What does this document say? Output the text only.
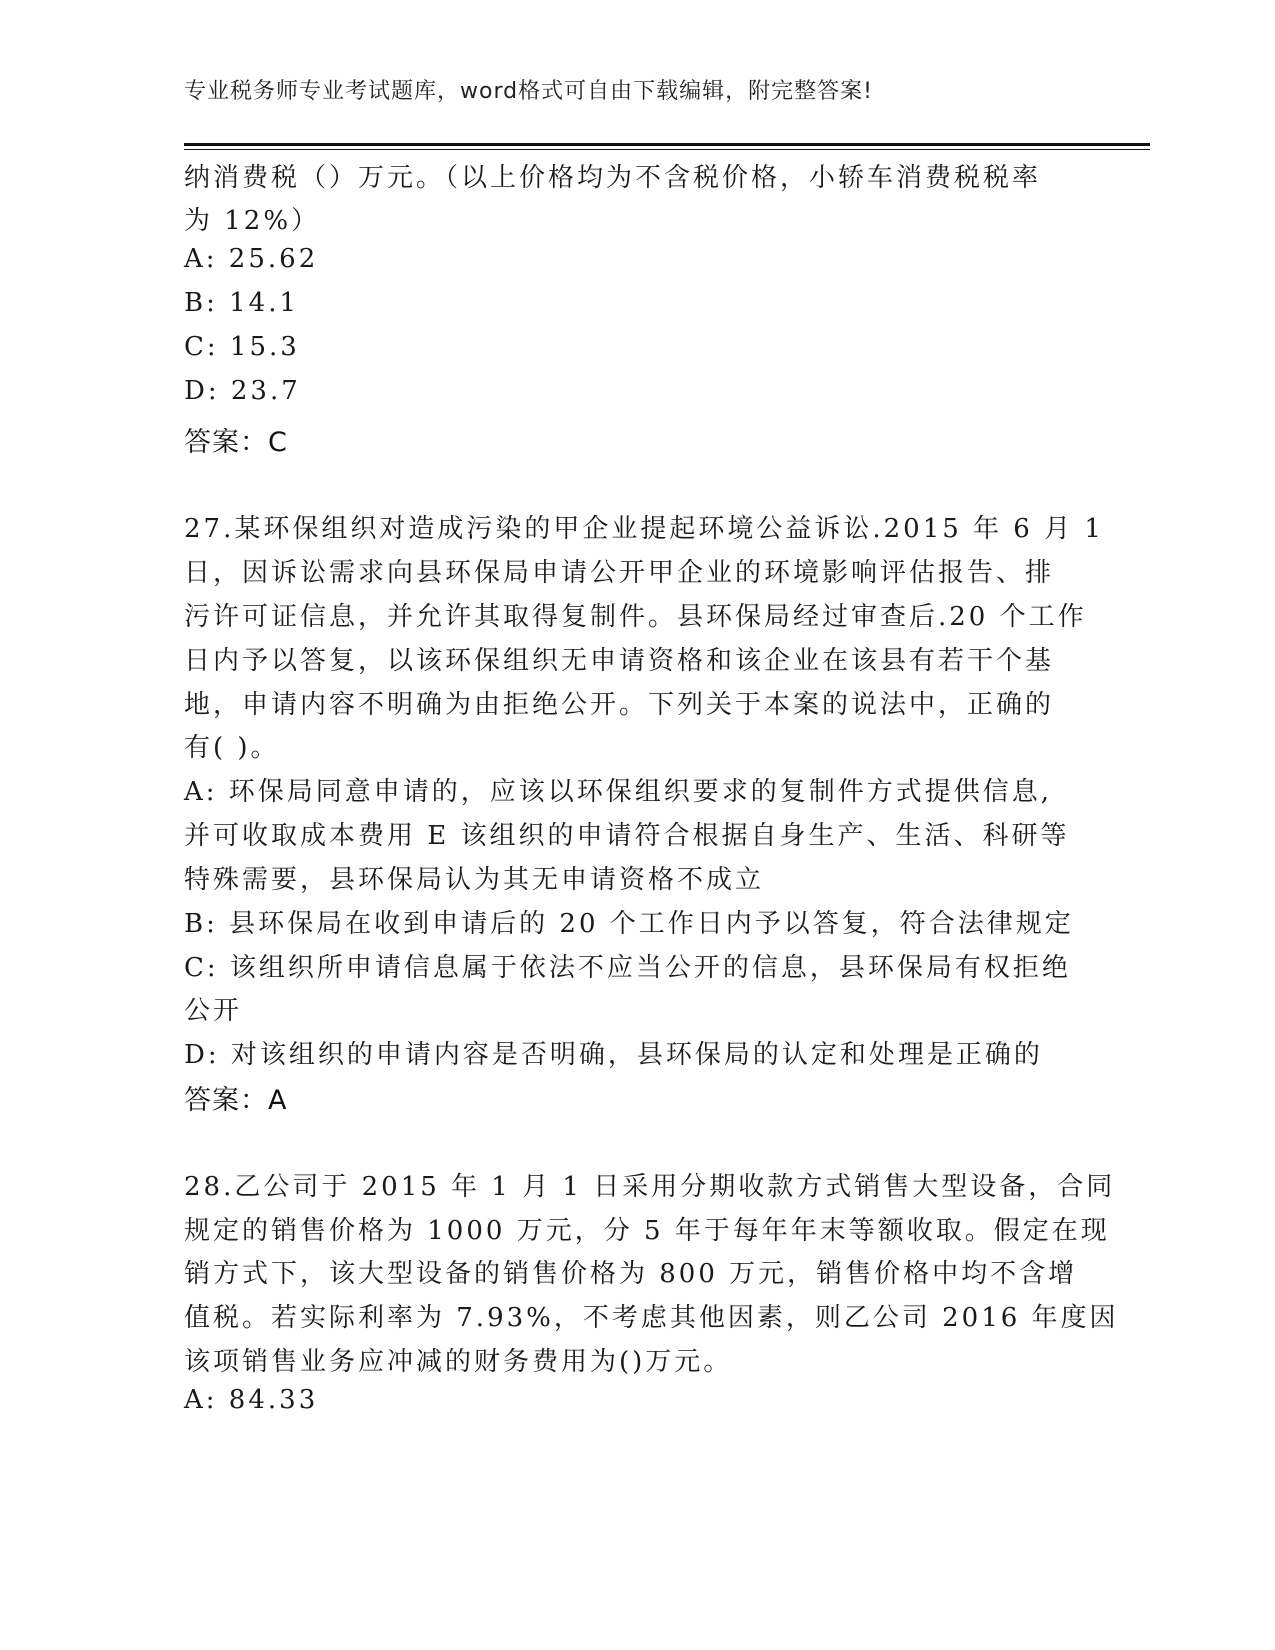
专业税务师专业考试题库，word格式可自由下载编辑，附完整答案!
纳消费税（）万元。（以上价格均为不含税价格，小轿车消费税税率
为 12%）
A: 25.62
B: 14.1
C: 15.3
D: 23.7
答案：C
27.某环保组织对造成污染的甲企业提起环境公益诉讼.2015 年 6 月 1
日，因诉讼需求向县环保局申请公开甲企业的环境影响评估报告、排
污许可证信息，并允许其取得复制件。县环保局经过审查后.20 个工作
日内予以答复，以该环保组织无申请资格和该企业在该县有若干个基
地，申请内容不明确为由拒绝公开。下列关于本案的说法中，正确的
有( )。
A: 环保局同意申请的，应该以环保组织要求的复制件方式提供信息,
并可收取成本费用 E 该组织的申请符合根据自身生产、生活、科研等
特殊需要，县环保局认为其无申请资格不成立
B: 县环保局在收到申请后的 20 个工作日内予以答复，符合法律规定
C: 该组织所申请信息属于依法不应当公开的信息，县环保局有权拒绝
公开
D: 对该组织的申请内容是否明确，县环保局的认定和处理是正确的
答案：A
28.乙公司于 2015 年 1 月 1 日采用分期收款方式销售大型设备，合同
规定的销售价格为 1000 万元，分 5 年于每年年末等额收取。假定在现
销方式下，该大型设备的销售价格为 800 万元，销售价格中均不含增
值税。若实际利率为 7.93%，不考虑其他因素，则乙公司 2016 年度因
该项销售业务应冲减的财务费用为()万元。
A: 84.33
